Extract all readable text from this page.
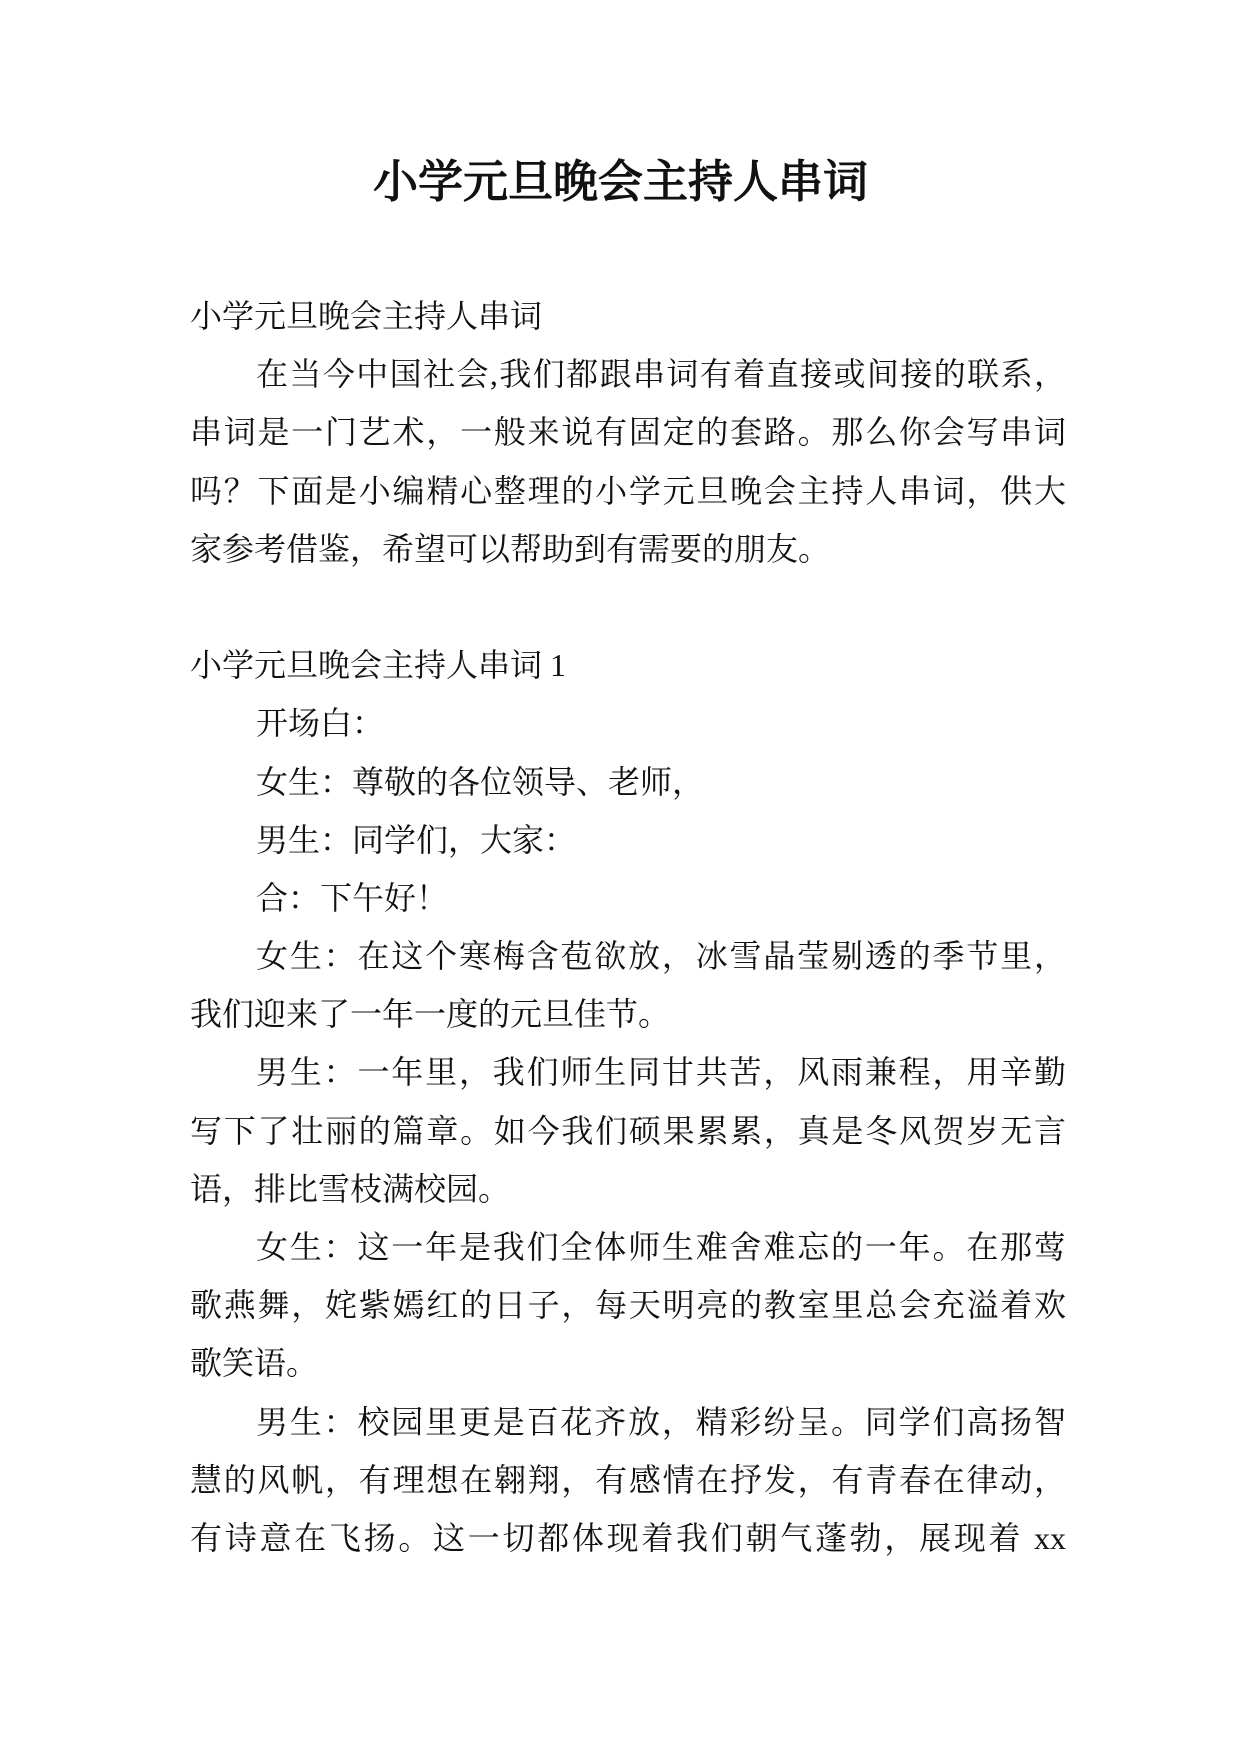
小学元旦晚会主持人串词
小学元旦晚会主持人串词
在当今中国社会,我们都跟串词有着直接或间接的联系，
串词是一门艺术，一般来说有固定的套路。那么你会写串词
吗？下面是小编精心整理的小学元旦晚会主持人串词，供大
家参考借鉴，希望可以帮助到有需要的朋友。
小学元旦晚会主持人串词 1
开场白：
女生：尊敬的各位领导、老师，
男生：同学们，大家：
合：下午好！
女生：在这个寒梅含苞欲放，冰雪晶莹剔透的季节里，
我们迎来了一年一度的元旦佳节。
男生：一年里，我们师生同甘共苦，风雨兼程，用辛勤
写下了壮丽的篇章。如今我们硕果累累，真是冬风贺岁无言
语，排比雪枝满校园。
女生：这一年是我们全体师生难舍难忘的一年。在那莺
歌燕舞，姹紫嫣红的日子，每天明亮的教室里总会充溢着欢
歌笑语。
男生：校园里更是百花齐放，精彩纷呈。同学们高扬智
慧的风帆，有理想在翱翔，有感情在抒发，有青春在律动，
有诗意在飞扬。这一切都体现着我们朝气蓬勃，展现着 xx
